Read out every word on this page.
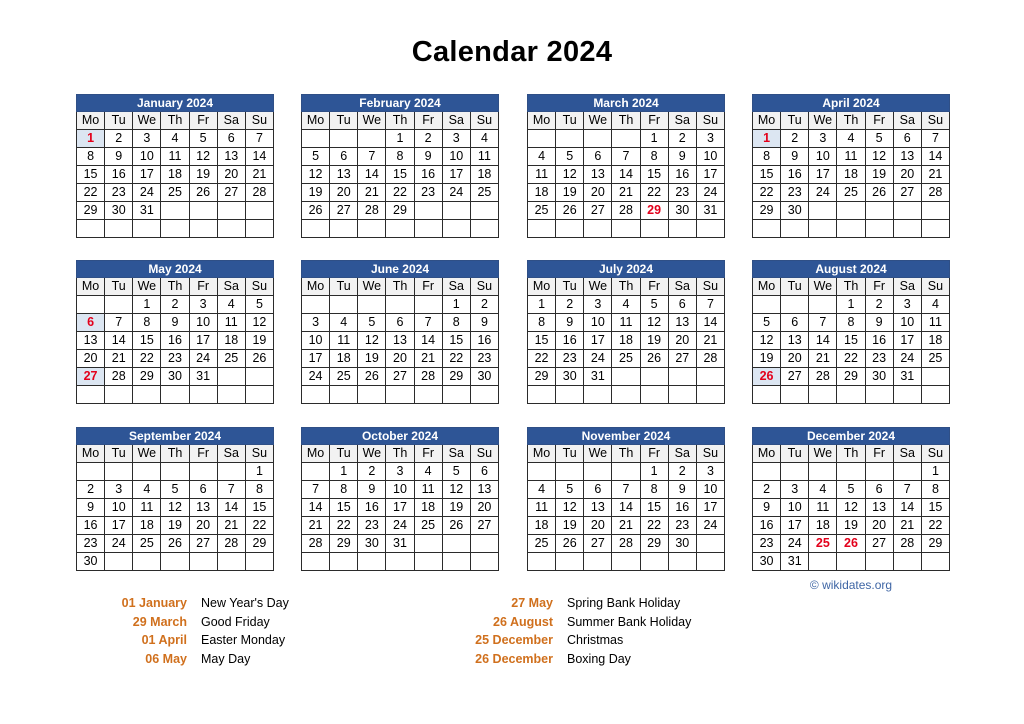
Calendar 2024
January 2024						
Mo	Tu	We	Th	Fr	Sa	Su
1	2	3	4	5	6	7
8	9	10	11	12	13	14
15	16	17	18	19	20	21
22	23	24	25	26	27	28
29	30	31				

February 2024						
Mo	Tu	We	Th	Fr	Sa	Su
			1	2	3	4
5	6	7	8	9	10	11
12	13	14	15	16	17	18
19	20	21	22	23	24	25
26	27	28	29			

March 2024						
Mo	Tu	We	Th	Fr	Sa	Su
				1	2	3
4	5	6	7	8	9	10
11	12	13	14	15	16	17
18	19	20	21	22	23	24
25	26	27	28	29	30	31

April 2024						
Mo	Tu	We	Th	Fr	Sa	Su
1	2	3	4	5	6	7
8	9	10	11	12	13	14
15	16	17	18	19	20	21
22	23	24	25	26	27	28
29	30					

May 2024						
Mo	Tu	We	Th	Fr	Sa	Su
		1	2	3	4	5
6	7	8	9	10	11	12
13	14	15	16	17	18	19
20	21	22	23	24	25	26
27	28	29	30	31		

June 2024						
Mo	Tu	We	Th	Fr	Sa	Su
					1	2
3	4	5	6	7	8	9
10	11	12	13	14	15	16
17	18	19	20	21	22	23
24	25	26	27	28	29	30

July 2024						
Mo	Tu	We	Th	Fr	Sa	Su
1	2	3	4	5	6	7
8	9	10	11	12	13	14
15	16	17	18	19	20	21
22	23	24	25	26	27	28
29	30	31				

August 2024						
Mo	Tu	We	Th	Fr	Sa	Su
			1	2	3	4
5	6	7	8	9	10	11
12	13	14	15	16	17	18
19	20	21	22	23	24	25
26	27	28	29	30	31	

September 2024						
Mo	Tu	We	Th	Fr	Sa	Su
						1
2	3	4	5	6	7	8
9	10	11	12	13	14	15
16	17	18	19	20	21	22
23	24	25	26	27	28	29
30						
October 2024						
Mo	Tu	We	Th	Fr	Sa	Su
	1	2	3	4	5	6
7	8	9	10	11	12	13
14	15	16	17	18	19	20
21	22	23	24	25	26	27
28	29	30	31			

November 2024						
Mo	Tu	We	Th	Fr	Sa	Su
				1	2	3
4	5	6	7	8	9	10
11	12	13	14	15	16	17
18	19	20	21	22	23	24
25	26	27	28	29	30	

December 2024						
Mo	Tu	We	Th	Fr	Sa	Su
						1
2	3	4	5	6	7	8
9	10	11	12	13	14	15
16	17	18	19	20	21	22
23	24	25	26	27	28	29
30	31					
© wikidates.org
01 January New Year's Day
29 March Good Friday
01 April Easter Monday
06 May May Day
27 May Spring Bank Holiday
26 August Summer Bank Holiday
25 December Christmas
26 December Boxing Day
